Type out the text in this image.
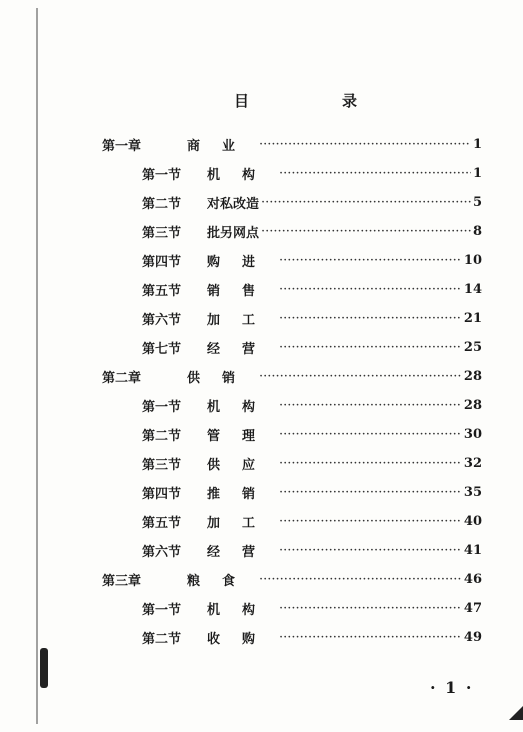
目	录
第一章	商业 ·····	1
第一节	机构 ·····	1
第二节	对私改造 ·····	5
第三节	批另网点 ·····	8
第四节	购进 ·····	10
第五节	销售 ·····	14
第六节	加工 ·····	21
第七节	经营 ·····	25
第二章	供销 ·····	28
第一节	机构 ·····	28
第二节	管理 ·····	30
第三节	供应 ·····	32
第四节	推销 ·····	35
第五节	加工 ·····	40
第六节	经营 ·····	41
第三章	粮食 ·····	46
第一节	机构 ·····	47
第二节	收购 ·····	49
· 1 ·
